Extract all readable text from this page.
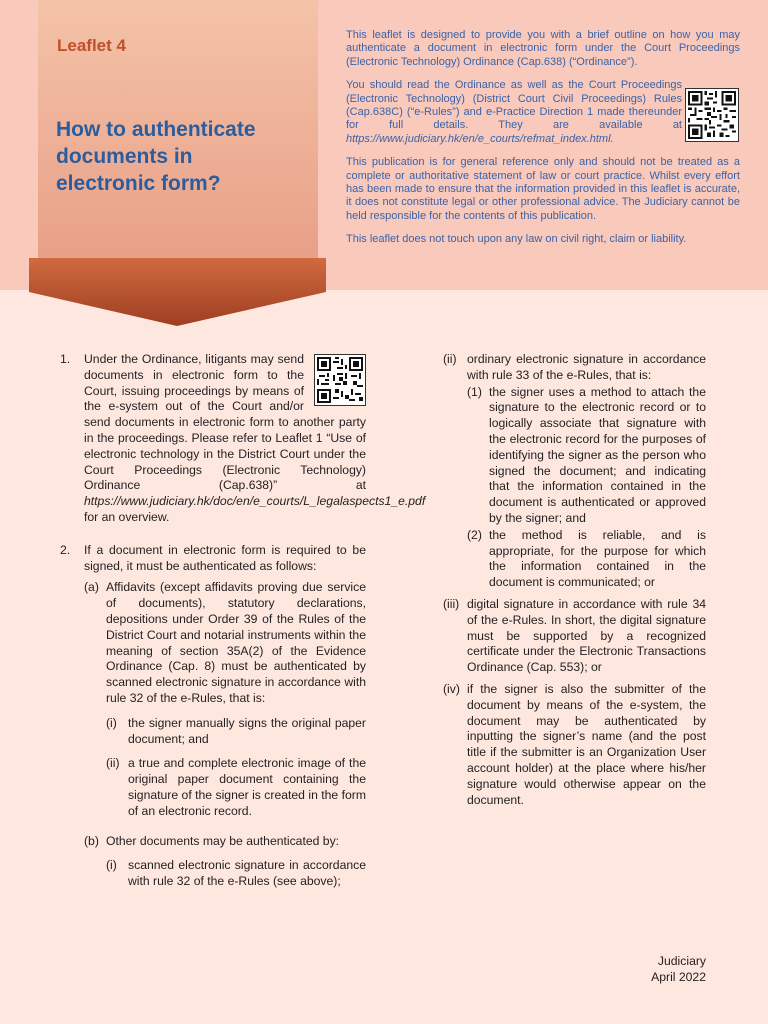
Leaflet 4
How to authenticate documents in electronic form?

This leaflet is designed to provide you with a brief outline on how you may authenticate a document in electronic form under the Court Proceedings (Electronic Technology) Ordinance (Cap.638) (“Ordinance”).

You should read the Ordinance as well as the Court Proceedings (Electronic Technology) (District Court Civil Proceedings) Rules (Cap.638C) (“e-Rules”) and e-Practice Direction 1 made thereunder for full details. They are available at https://www.judiciary.hk/en/e_courts/refmat_index.html.

This publication is for general reference only and should not be treated as a complete or authoritative statement of law or court practice. Whilst every effort has been made to ensure that the information provided in this leaflet is accurate, it does not constitute legal or other professional advice. The Judiciary cannot be held responsible for the contents of this publication.

This leaflet does not touch upon any law on civil right, claim or liability.

1. Under the Ordinance, litigants may send documents in electronic form to the Court, issuing proceedings by means of the e-system out of the Court and/or send documents in electronic form to another party in the proceedings. Please refer to Leaflet 1 “Use of electronic technology in the District Court under the Court Proceedings (Electronic Technology) Ordinance (Cap.638)” at https://www.judiciary.hk/doc/en/e_courts/L_legalaspects1_e.pdf for an overview.
2. If a document in electronic form is required to be signed, it must be authenticated as follows:
(a) Affidavits (except affidavits proving due service of documents), statutory declarations, depositions under Order 39 of the Rules of the District Court and notarial instruments within the meaning of section 35A(2) of the Evidence Ordinance (Cap. 8) must be authenticated by scanned electronic signature in accordance with rule 32 of the e-Rules, that is:
(i) the signer manually signs the original paper document; and
(ii) a true and complete electronic image of the original paper document containing the signature of the signer is created in the form of an electronic record.
(b) Other documents may be authenticated by:
(i) scanned electronic signature in accordance with rule 32 of the e-Rules (see above);
(ii) ordinary electronic signature in accordance with rule 33 of the e-Rules, that is:
(1) the signer uses a method to attach the signature to the electronic record or to logically associate that signature with the electronic record for the purposes of identifying the signer as the person who signed the document; and indicating that the information contained in the document is authenticated or approved by the signer; and
(2) the method is reliable, and is appropriate, for the purpose for which the information contained in the document is communicated; or
(iii) digital signature in accordance with rule 34 of the e-Rules. In short, the digital signature must be supported by a recognized certificate under the Electronic Transactions Ordinance (Cap. 553); or
(iv) if the signer is also the submitter of the document by means of the e-system, the document may be authenticated by inputting the signer’s name (and the post title if the submitter is an Organization User account holder) at the place where his/her signature would otherwise appear on the document.
Judiciary
April 2022
